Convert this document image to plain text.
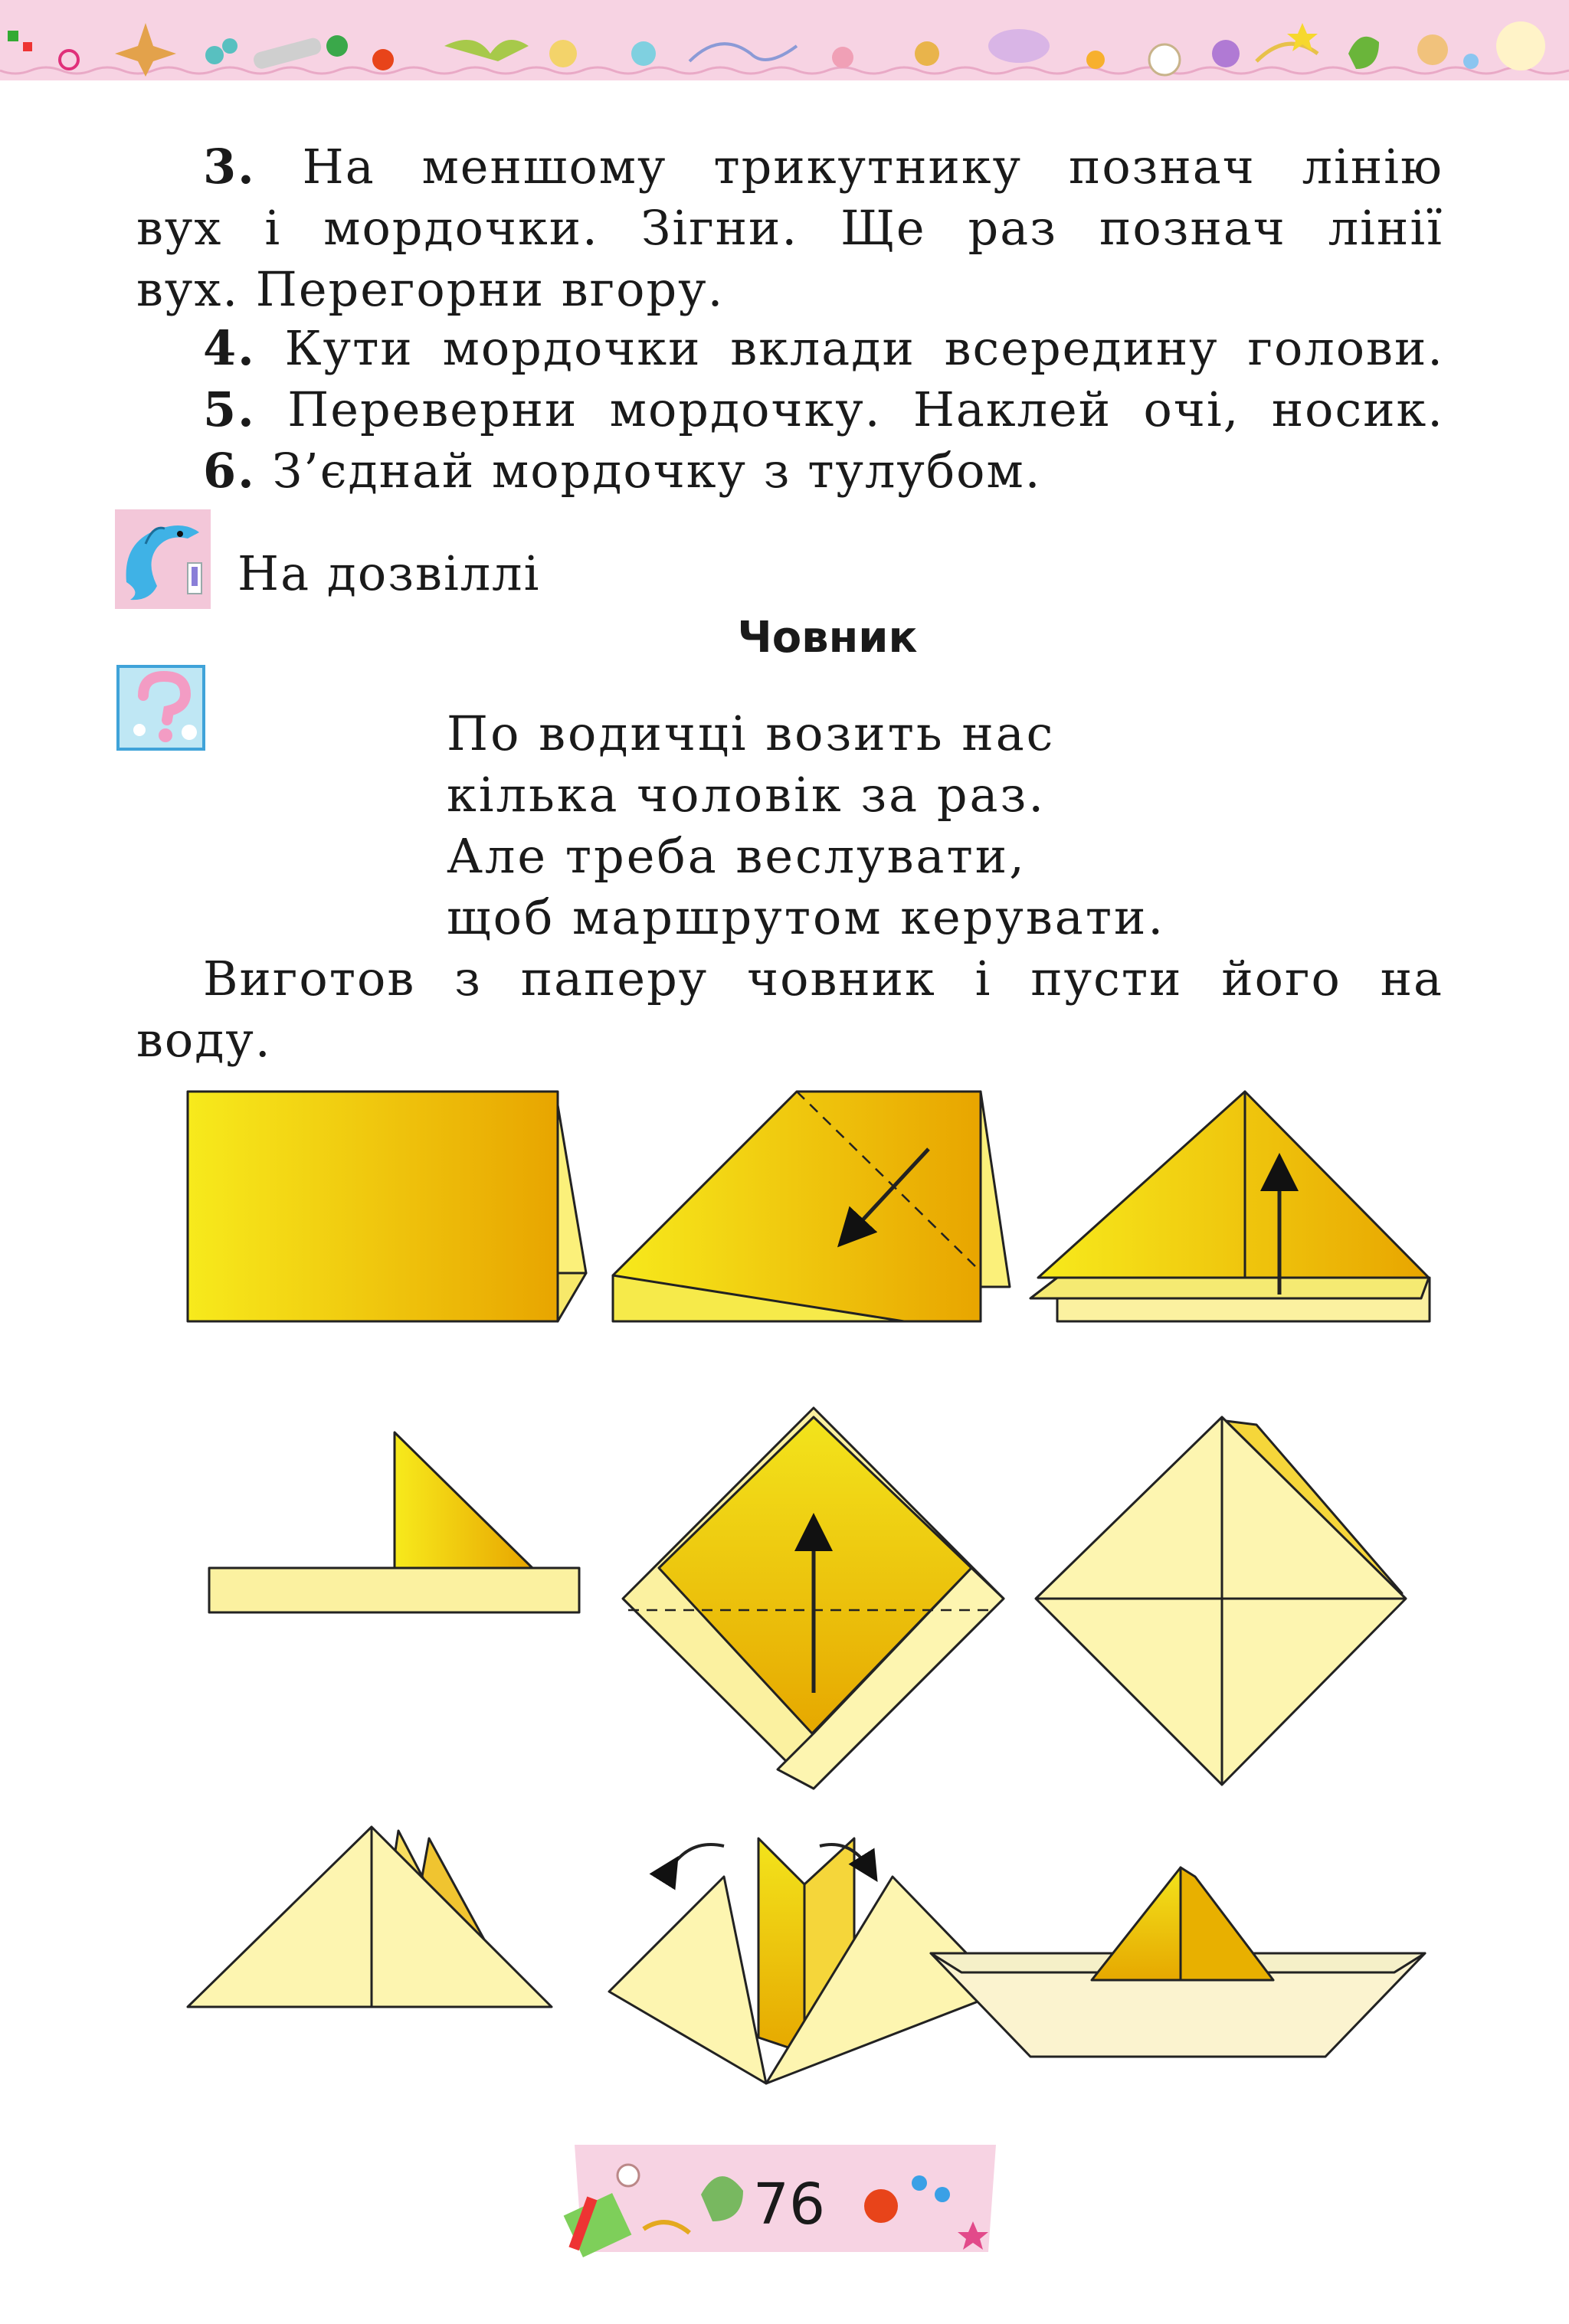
3. На меншому трикутнику познач лінію
вух і мордочки. Зігни. Ще раз познач лінії
вух. Перегорни вгору.
4. Кути мордочки вклади всередину голови.
5. Переверни мордочку. Наклей очі, носик.
6. З’єднай мордочку з тулубом.
На дозвіллі
Човник
По водичці возить нас
кілька чоловік за раз.
Але треба веслувати,
щоб маршрутом керувати.
Виготов з паперу човник і пусти його на
воду.
76
